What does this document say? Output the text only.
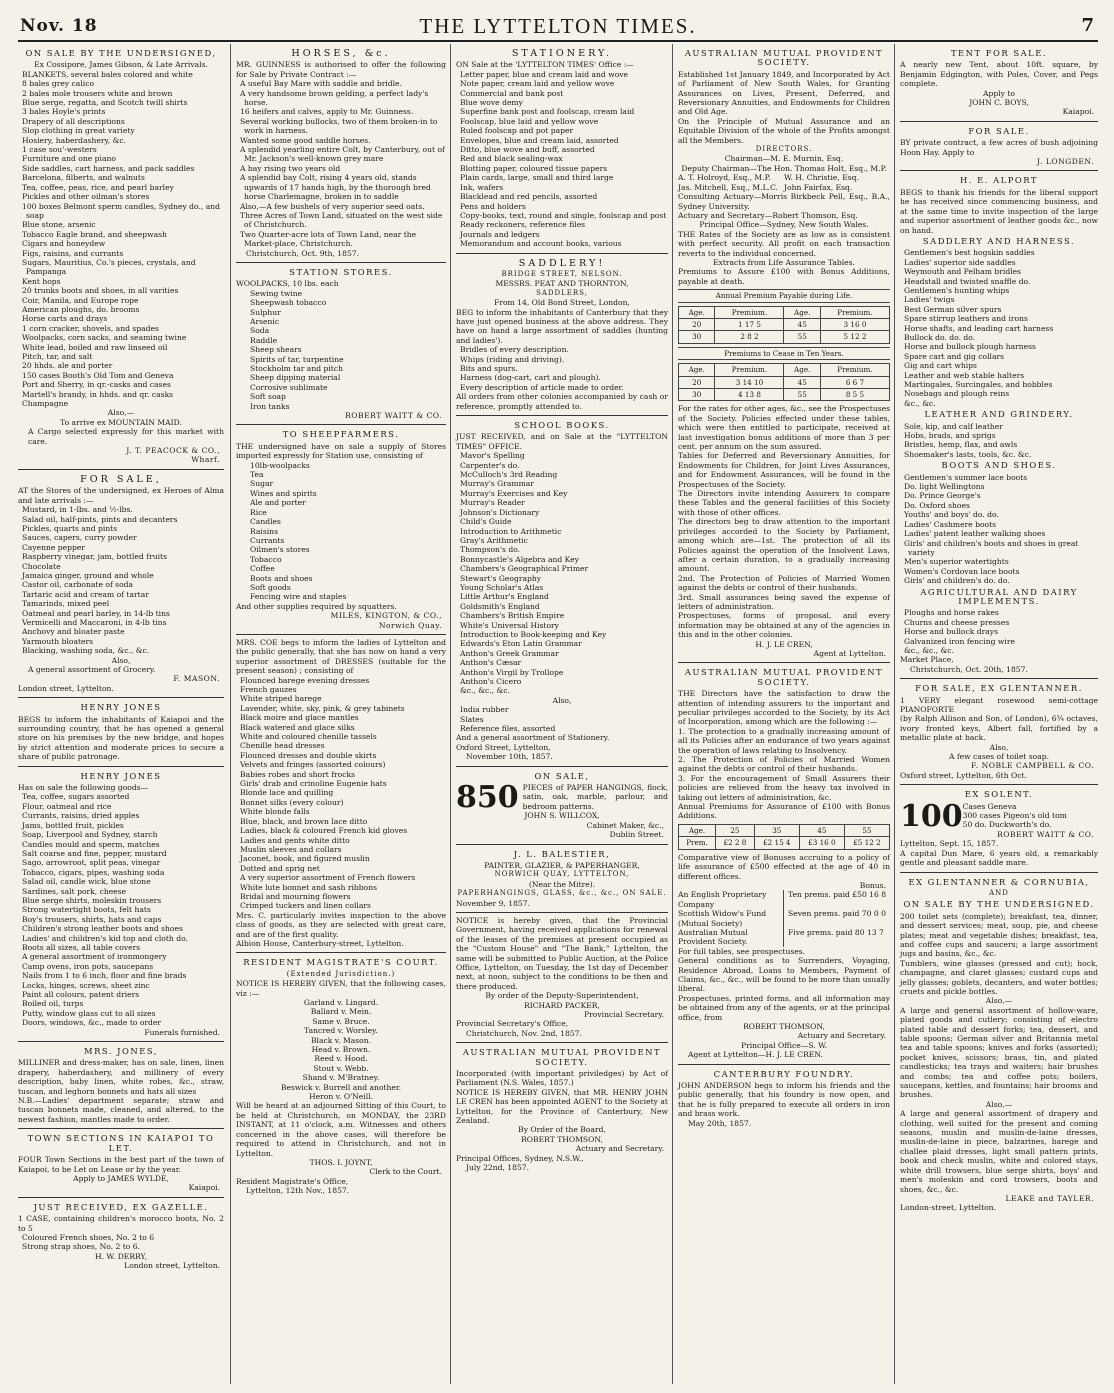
Nov. 18	THE LYTTELTON TIMES.	7
ON SALE BY THE UNDERSIGNED,
Ex Cossipore, James Gibson, & Late Arrivals.
BLANKETS, several bales colored and white
8 bales grey calico
2 bales mole trousers white and brown
Blue serge, regatta, and Scotch twill shirts
3 bales Hoyle's prints
Drapery of all descriptions
Slop clothing in great variety
Hosiery, haberdashery, &c.
1 case sou'-westers
Furniture and one piano
Side saddles, cart harness, and pack saddles
Barcelona, filberts, and walnuts
Tea, coffee, peas, rice, and pearl barley
Pickles and other oilman's stores
100 boxes Belmont sperm candles, Sydney do., and soap
Blue stone, arsenic
Tobacco Eagle brand, and sheepwash
Cigars and honeydew
Figs, raisins, and currants
Sugars, Mauritius, Co.'s pieces, crystals, and Pampanga
Kent hops
20 trunks boots and shoes, in all varities
Coir, Manila, and Europe rope
American ploughs, do. brooms
Horse carts and drays
1 corn cracker, shovels, and spades
Woolpacks, corn sacks, and seaming twine
White lead, boiled and raw linseed oil
Pitch, tar, and salt
20 hhds. ale and porter
150 cases Booth's Old Tom and Geneva
Port and Sherry, in qr.-casks and cases
Martell's brandy, in hhds. and qr. casks
Champagne
Also,—
To arrive ex MOUNTAIN MAID.
A Cargo selected expressly for this market with care.
J. T. PEACOCK & CO.,
Wharf.
FOR SALE,
AT the Stores of the undersigned, ex Heroes of Alma and late arrivals :—
Mustard, in 1-lbs. and ½-lbs.
Salad oil, half-pints, pints and decanters
Pickles, quarts and pints
Sauces, capers, curry powder
Cayenne pepper
Raspberry vinegar, jam, bottled fruits
Chocolate
Jamaica ginger, ground and whole
Castor oil, carbonate of soda
Tartaric acid and cream of tartar
Tamarinds, mixed peel
Oatmeal and pearl barley, in 14-lb tins
Vermicelli and Maccaroni, in 4-lb tins
Anchovy and bloater paste
Yarmouth bloaters
Blacking, washing soda, &c., &c.
Also,
A general assortment of Grocery.
F. MASON.
London street, Lyttelton.
HENRY JONES
BEGS to inform the inhabitants of Kaiapoi and the surrounding country, that he has opened a general store on his premises by the new bridge, and hopes by strict attention and moderate prices to secure a share of public patronage.
HENRY JONES
Has on sale the following goods—
Tea, coffee, sugars assorted
Flour, oatmeal and rice
Currants, raisins, dried apples
Jams, bottled fruit, pickles
Soap, Liverpool and Sydney, starch
Candles mould and sperm, matches
Salt coarse and fine, pepper, mustard
Sago, arrowroot, split peas, vinegar
Tobacco, cigars, pipes, washing soda
Salad oil, candle wick, blue stone
Sardines, salt pork, cheese
Blue serge shirts, moleskin trousers
Strong watertight boots, felt hats
Boy's trousers, shirts, hats and caps
Children's strong leather boots and shoes
Ladies' and children's kid top and cloth do.
Boots all sizes, all table covers
A general assortment of ironmongery
Camp ovens, iron pots, saucepans
Nails from 1 to 6 inch, floor and fine brads
Locks, hinges, screws, sheet zinc
Paint all colours, patent driers
Boiled oil, turps
Putty, window glass cut to all sizes
Doors, windows, &c., made to order
Funerals furnished.
MRS. JONES,
MILLINER and dress-maker, has on sale, linen, linen drapery, haberdashery, and millinery of every description, baby linen, white robes, &c., straw, tuscan, and leghorn bonnets and hats all sizes
N.B.—Ladies' department separate; straw and tuscan bonnets made, cleaned, and altered, to the newest fashion, mantles made to order.
TOWN SECTIONS IN KAIAPOI TO LET.
FOUR Town Sections in the best part of the town of Kaiapoi, to be Let on Lease or by the year.
Apply to JAMES WYLDE,
Kaiapoi.
JUST RECEIVED, EX GAZELLE.
1 CASE, containing children's morocco boots, No. 2 to 5
Coloured French shoes, No. 2 to 6
Strong strap shoes, No. 2 to 6.
H. W. DERRY,
London street, Lyttelton.
HORSES, &c.
MR. GUINNESS is authorised to offer the following for Sale by Private Contract :—
A useful Bay Mare with saddle and bridle.
A very handsome brown gelding, a perfect lady's horse.
16 heifers and calves, apply to Mr. Guinness.
Several working bullocks, two of them broken-in to work in harness.
Wanted some good saddle horses.
A splendid yearling entire Colt, by Canterbury, out of Mr. Jackson's well-known grey mare
A bay rising two years old
A splendid bay Colt, rising 4 years old, stands upwards of 17 hands high, by the thorough bred horse Charlemagne, broken in to saddle
Also,—A few bushels of very superior seed oats.
Three Acres of Town Land, situated on the west side of Christchurch.
Two Quarter-acre lots of Town Land, near the Market-place, Christchurch.
Christchurch, Oct. 9th, 1857.
STATION STORES.
WOOLPACKS, 10 lbs. each
Sewing twine
Sheepwash tobacco
Sulphur
Arsenic
Soda
Raddle
Sheep shears
Spirits of tar, turpentine
Stockholm tar and pitch
Sheep dipping material
Corrosive sublimate
Soft soap
Iron tanks
ROBERT WAITT & CO.
TO SHEEPFARMERS.
THE undersigned have on sale a supply of Stores imported expressly for Station use, consisting of
10lb-woolpacks
Tea
Sugar
Wines and spirits
Ale and porter
Rice
Candles
Raisins
Currants
Oilmen's stores
Tobacco
Coffee
Boots and shoes
Soft goods
Fencing wire and staples
And other supplies required by squatters.
MILES, KINGTON, & CO.,
Norwich Quay.
MRS. COE begs to inform the ladies of Lyttelton and the public generally, that she has now on hand a very superior assortment of DRESSES (suitable for the present season) ; consisting of
Flounced barege evening dresses
French gauzes
White striped barege
Lavender, white, sky, pink, & grey tabinets
Black moire and glace mantles
Black watered and glace silks
White and coloured chenille tassels
Chenille head dresses
Flounced dresses and double skirts
Velvets and fringes (assorted colours)
Babies robes and short frocks
Girls' drab and crinoline Eugenie hats
Blonde lace and quilling
Bonnet silks (every colour)
White blonde falls
Blue, black, and brown lace ditto
Ladies, black & coloured French kid gloves
Ladies and gents white ditto
Muslin sleeves and collars
Jaconet, book, and figured muslin
Dotted and sprig net
A very superior assortment of French flowers
White lute bonnet and sash ribbons
Bridal and mourning flowers
Crimped tuckers and linen collars
Mrs. C. particularly invites inspection to the above class of goods, as they are selected with great care, and are of the first quality.
Albion House, Canterbury-street, Lyttelton.
RESIDENT MAGISTRATE'S COURT.
(Extended Jurisdiction.)
NOTICE IS HEREBY GIVEN, that the following cases, viz :—
Garland v. Lingard.
Ballard v. Mein.
Same v. Bruce.
Tancred v. Worsley.
Black v. Mason.
Head v. Brown.
Reed v. Hood.
Stout v. Webb.
Shand v. M'Bratney.
Beswick v. Burrell and another.
Heron v. O'Neill.
Will be heard at an adjourned Sitting of this Court, to be held at Christchurch, on MONDAY, the 23RD INSTANT, at 11 o'clock, a.m. Witnesses and others concerned in the above cases, will therefore be required to attend in Christchurch, and not in Lyttelton.
THOS. I. JOYNT,
Clerk to the Court.
Resident Magistrate's Office,
Lyttelton, 12th Nov., 1857.
STATIONERY.
ON Sale at the 'LYTTELTON TIMES' Office :—
Letter paper, blue and cream laid and wove
Note paper, cream laid and yellow wove
Commercial and bank post
Blue wove demy
Superfine bank post and foolscap, cream laid
Foolscap, blue laid and yellow wove
Ruled foolscap and pot paper
Envelopes, blue and cream laid, assorted
Ditto, blue wove and buff, assorted
Red and black sealing-wax
Blotting paper, coloured tissue papers
Plain cards, large, small and third large
Ink, wafers
Blacklead and red pencils, assorted
Pens and holders
Copy-books, text, round and single, foolscap and post
Ready reckoners, reference files
Journals and ledgers
Memorandum and account books, various
SADDLERY!
BRIDGE STREET, NELSON.
MESSRS. PEAT AND THORNTON,
SADDLERS,
From 14, Old Bond Street, London,
BEG to inform the inhabitants of Canterbury that they have just opened business at the above address. They have on hand a large assortment of saddles (hunting and ladies').
Bridles of every description.
Whips (riding and driving).
Bits and spurs.
Harness (dog-cart, cart and plough).
Every description of article made to order.
All orders from other colonies accompanied by cash or reference, promptly attended to.
SCHOOL BOOKS.
JUST RECEIVED, and on Sale at the "LYTTELTON TIMES" OFFICE.
Mavor's Spelling
Carpenter's do.
McCulloch's 3rd Reading
Murray's Grammar
Murray's Exercises and Key
Murray's Reader
Johnson's Dictionary
Child's Guide
Introduction to Arithmetic
Gray's Arithmetic
Thompson's do.
Bonnycastle's Algebra and Key
Chambers's Geographical Primer
Stewart's Geography
Young Scholar's Atlas
Little Arthur's England
Goldsmith's England
Chambers's British Empire
White's Universal History
Introduction to Book-keeping and Key
Edwards's Eton Latin Grammar
Anthon's Greek Grammar
Anthon's Cæsar
Anthon's Virgil by Trollope
Anthon's Cicero
&c., &c., &c.
Also,
India rubber
Slates
Reference files, assorted
And a general assortment of Stationery.
Oxford Street, Lyttelton,
November 10th, 1857.
ON SALE,
850 PIECES of PAPER HANGINGS, flock, satin, oak, marble, parlour, and bedroom patterns.
JOHN S. WILLCOX,
Cabinet Maker, &c.,
Dublin Street.
J. L. BALESTIER,
PAINTER, GLAZIER, & PAPERHANGER,
NORWICH QUAY, LYTTELTON,
(Near the Mitre).
PAPERHANGINGS, GLASS, &c., &c., ON SALE.
November 9, 1857.
NOTICE is hereby given, that the Provincial Government, having received applications for renewal of the leases of the premises at present occupied as the "Custom House" and "The Bank," Lyttelton, the same will be submitted to Public Auction, at the Police Office, Lyttelton, on Tuesday, the 1st day of December next, at noon, subject to the conditions to be then and there produced.
By order of the Deputy-Superintendent,
RICHARD PACKER,
Provincial Secretary.
Provincial Secretary's Office,
Christchurch, Nov. 2nd, 1857.
AUSTRALIAN MUTUAL PROVIDENT SOCIETY.
Incorporated (with important priviledges) by Act of Parliament (N.S. Wales, 1857.)
NOTICE IS HEREBY GIVEN, that MR. HENRY JOHN LE CREN has been appointed AGENT to the Society at Lyttelton, for the Province of Canterbury, New Zealand.
By Order of the Board,
ROBERT THOMSON,
Actuary and Secretary.
Principal Offices, Sydney, N.S.W.,
July 22nd, 1857.
AUSTRALIAN MUTUAL PROVIDENT SOCIETY.
Established 1st January 1849, and Incorporated by Act of Parliament of New South Wales, for Granting Assurances on Lives, Present, Deferred, and Reversionary Annuities, and Endowments for Children and Old Age.
On the Principle of Mutual Assurance and an Equitable Division of the whole of the Profits amongst all the Members.
DIRECTORS.
Chairman—M. E. Murnin, Esq.
Deputy Chairman—The Hon. Thomas Holt, Esq., M.P.
A. T. Holroyd, Esq., M.P.
Jas. Mitchell, Esq., M.L.C.
W. H. Christie, Esq.
John Fairfax, Esq.
Consulting Actuary—Morris Birkbeck Pell, Esq., B.A., Sydney University.
Actuary and Secretary—Robert Thomson, Esq.
Principal Office—Sydney, New South Wales.
THE Rates of the Society are as low as is consistent with perfect security. All profit on each transaction reverts to the individual concerned.
Extracts from Life Assurance Tables.
Premiums to Assure £100 with Bonus Additions, payable at death.
Annual Premium Payable during Life.
Age.	Premium.	Age.	Premium.
20	1 17 5	45	3 16 0
30	2 8 2	55	5 12 2
Premiums to Cease in Ten Years.
Age.	Premium.	Age.	Premium.
20	3 14 10	45	6 6 7
30	4 13 8	55	8 5 5
For the rates for other ages, &c., see the Prospectuses of the Society. Policies effected under these tables, which were then entitled to participate, received at last investigation bonus additions of more than 3 per cent. per annum on the sum assured.
Tables for Deferred and Reversionary Annuities, for Endowments for Children, for Joint Lives Assurances, and for Endowment Assurances, will be found in the Prospectuses of the Society.
The Directors invite intending Assurers to compare these Tables and the general facilities of this Society with those of other offices.
The directors beg to draw attention to the important privileges accorded to the Society by Parliament, among which are—1st. The protection of all its Policies against the operation of the Insolvent Laws, after a certain duration, to a gradually increasing amount.
2nd. The Protection of Policies of Married Women against the debts or control of their husbands.
3rd. Small assurances being saved the expense of letters of administration.
Prospectuses, forms of proposal, and every information may be obtained at any of the agencies in this and in the other colonies.
H. J. LE CREN,
Agent at Lyttelton.
AUSTRALIAN MUTUAL PROVIDENT SOCIETY.
THE Directors have the satisfaction to draw the attention of intending assurers to the important and peculiar privileges accorded to the Society, by its Act of Incorporation, among which are the following :—
1. The protection to a gradually increasing amount of all its Policies after an endurance of two years against the operation of laws relating to Insolvency.
2. The Protection of Policies of Married Women against the debts or control of their husbands.
3. For the encouragement of Small Assurers their policies are relieved from the heavy tax involved in taking out letters of administration, &c.
Annual Premiums for Assurance of £100 with Bonus Additions.
Age.	25	35	45	55
Prem.	£2 2 8	£2 15 4	£3 16 0	£5 12 2
Comparative view of Bonuses accruing to a policy of life assurance of £500 effected at the age of 40 in different offices.
Bonus.
An English Proprietary Company
Ten prems. paid £50 16 8
Scottish Widow's Fund (Mutual Society)
Seven prems. paid 70 0 0
Australian Mutual Provident Society.
Five prems. paid 80 13 7
For full tables, see prospectuses.
General conditions as to Surrenders, Voyaging, Residence Abroad, Loans to Members, Payment of Claims, &c., &c., will be found to be more than usually liberal.
Prospectuses, printed forms, and all information may be obtained from any of the agents, or at the principal office, from
ROBERT THOMSON,
Actuary and Secretary.
Principal Office—S. W.
Agent at Lyttelton—H. J. LE CREN.
CANTERBURY FOUNDRY.
JOHN ANDERSON begs to inform his friends and the public generally, that his foundry is now open, and that he is fully prepared to execute all orders in iron and brass work.
May 20th, 1857.
TENT FOR SALE.
A nearly new Tent, about 10ft. square, by Benjamin Edgington, with Poles, Cover, and Pegs complete.
Apply to
JOHN C. BOYS,
Kaiapoi.
FOR SALE.
BY private contract, a few acres of bush adjoining Hoon Hay. Apply to
J. LONGDEN.
H. E. ALPORT
BEGS to thank his friends for the liberal support he has received since commencing business, and at the same time to invite inspection of the large and superior assortment of leather goods &c., now on hand.
SADDLERY AND HARNESS.
Gentlemen's best hogskin saddles
Ladies' superior side saddles
Weymouth and Pelham bridles
Headstall and twisted snaffle do.
Gentlemen's hunting whips
Ladies' twigs
Best German silver spurs
Spare stirrup leathers and irons
Horse shafts, and leading cart harness
Bullock do. do. do.
Horse and bullock plough harness
Spare cart and gig collars
Gig and cart whips
Leather and web stable halters
Martingales, Surcingales, and hobbles
Nosebags and plough reins
&c., &c.
LEATHER AND GRINDERY.
Sole, kip, and calf leather
Hobs, brads, and sprigs
Bristles, hemp, flax, and awls
Shoemaker's lasts, tools, &c. &c.
BOOTS AND SHOES.
Gentlemen's summer lace boots
Do. light Wellingtons
Do. Prince George's
Do. Oxford shoes
Youths' and boys' do. do.
Ladies' Cashmere boots
Ladies' patent leather walking shoes
Girls' and children's boots and shoes in great variety
Men's superior watertights
Women's Cordovan lace boots
Girls' and children's do. do.
AGRICULTURAL AND DAIRY IMPLEMENTS.
Ploughs and horse rakes
Churns and cheese presses
Horse and bullock drays
Galvanized iron fencing wire
&c., &c., &c.
Market Place,
Christchurch, Oct. 20th, 1857.
FOR SALE, EX GLENTANNER.
1 VERY elegant rosewood semi-cottage PIANOFORTE
(by Ralph Allison and Son, of London), 6¾ octaves, ivory fronted keys, Albert fall, fortified by a metallic plate at back.
Also,
A few cases of toilet soap.
F. NOBLE CAMPBELL & CO.
Oxford street, Lyttelton, 6th Oct.
EX SOLENT.
100 Cases Geneva
300 cases Pigeon's old tom
50 do. Duckworth's do.
ROBERT WAITT & CO.
Lyttelton, Sept. 15, 1857.
A capital Dun Mare, 6 years old, a remarkably gentle and pleasant saddle mare.
EX GLENTANNER & CORNUBIA,
AND
ON SALE BY THE UNDERSIGNED.
200 toilet sets (complete); breakfast, tea, dinner, and dessert services; meat, soup, pie, and cheese plates; meat and vegetable dishes; breakfast, tea, and coffee cups and saucers; a large assortment jugs and basins, &c., &c.
Tumblers, wine glasses (pressed and cut); hock, champagne, and claret glasses; custard cups and jelly glasses; goblets, decanters, and water bottles; cruets and pickle bottles.
Also,—
A large and general assortment of hollow-ware, plated goods and cutlery; consisting of electro plated table and dessert forks; tea, dessert, and table spoons; German silver and Britannia metal tea and table spoons; knives and forks (assorted); pocket knives, scissors; brass, tin, and plated candlesticks; tea trays and waiters; hair brushes and combs; tea and coffee pots; boilers, saucepans, kettles, and fountains; hair brooms and brushes.
Also,—
A large and general assortment of drapery and clothing, well suited for the present and coming seasons, muslin and muslin-de-laine dresses, muslin-de-laine in piece, balzarines, barege and challee plaid dresses, light small pattern prints, book and check muslin, white and colored stays, white drill trowsers, blue serge shirts, boys' and men's moleskin and cord trowsers, boots and shoes, &c., &c.
LEAKE and TAYLER.
London-street, Lyttelton.
